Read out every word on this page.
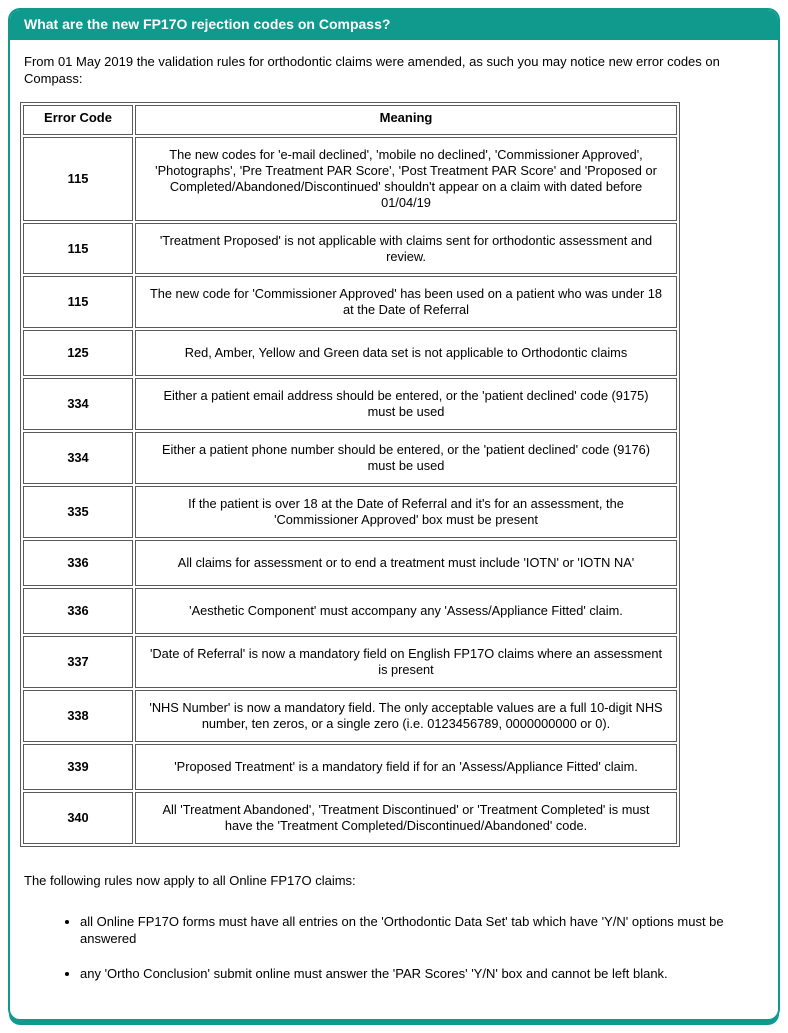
What are the new FP17O rejection codes on Compass?

From 01 May 2019 the validation rules for orthodontic claims were amended, as such you may notice new error codes on Compass:

Error Code	Meaning
115	The new codes for 'e-mail declined', 'mobile no declined', 'Commissioner Approved', 'Photographs', 'Pre Treatment PAR Score', 'Post Treatment PAR Score' and 'Proposed or Completed/Abandoned/Discontinued' shouldn't appear on a claim with dated before 01/04/19
115	'Treatment Proposed' is not applicable with claims sent for orthodontic assessment and review.
115	The new code for 'Commissioner Approved' has been used on a patient who was under 18 at the Date of Referral
125	Red, Amber, Yellow and Green data set is not applicable to Orthodontic claims
334	Either a patient email address should be entered, or the 'patient declined' code (9175) must be used
334	Either a patient phone number should be entered, or the 'patient declined' code (9176) must be used
335	If the patient is over 18 at the Date of Referral and it's for an assessment, the 'Commissioner Approved' box must be present
336	All claims for assessment or to end a treatment must include 'IOTN' or 'IOTN NA'
336	'Aesthetic Component' must accompany any 'Assess/Appliance Fitted' claim.
337	'Date of Referral' is now a mandatory field on English FP17O claims where an assessment is present
338	'NHS Number' is now a mandatory field. The only acceptable values are a full 10-digit NHS number, ten zeros, or a single zero (i.e. 0123456789, 0000000000 or 0).
339	'Proposed Treatment' is a mandatory field if for an 'Assess/Appliance Fitted' claim.
340	All 'Treatment Abandoned', 'Treatment Discontinued' or 'Treatment Completed' is must have the 'Treatment Completed/Discontinued/Abandoned' code.

The following rules now apply to all Online FP17O claims:

• all Online FP17O forms must have all entries on the 'Orthodontic Data Set' tab which have 'Y/N' options must be answered
• any 'Ortho Conclusion' submit online must answer the 'PAR Scores' 'Y/N' box and cannot be left blank.
